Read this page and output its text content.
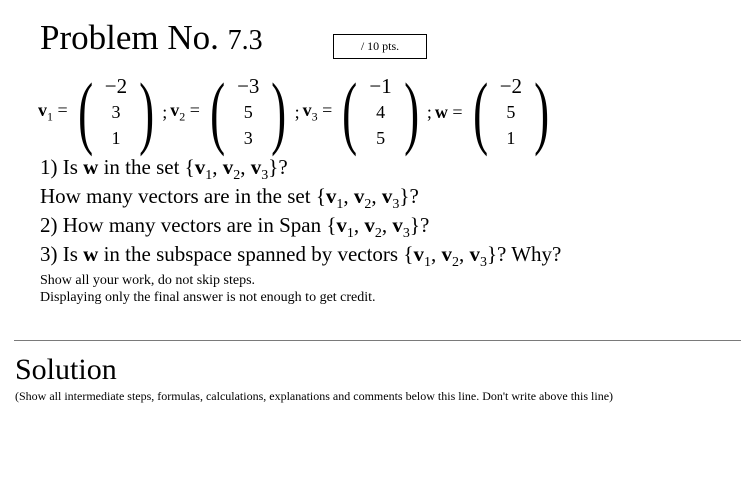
Problem No. 7.3	/ 10 pts.
$v_1$ = ( −2
3
1 ) ; $v_2$ = ( −3
5
3 ) ; $v_3$ = ( −1
4
5 ) ; w = ( −2
5
1 )
1) Is w in the set {$v_1$, $v_2$, $v_3$}?
How many vectors are in the set {$v_1$, $v_2$, $v_3$}?
2) How many vectors are in Span {$v_1$, $v_2$, $v_3$}?
3) Is w in the subspace spanned by vectors {$v_1$, $v_2$, $v_3$}? Why?
Show all your work, do not skip steps.
Displaying only the final answer is not enough to get credit.
Solution
(Show all intermediate steps, formulas, calculations, explanations and comments below this line. Don't write above this line)
